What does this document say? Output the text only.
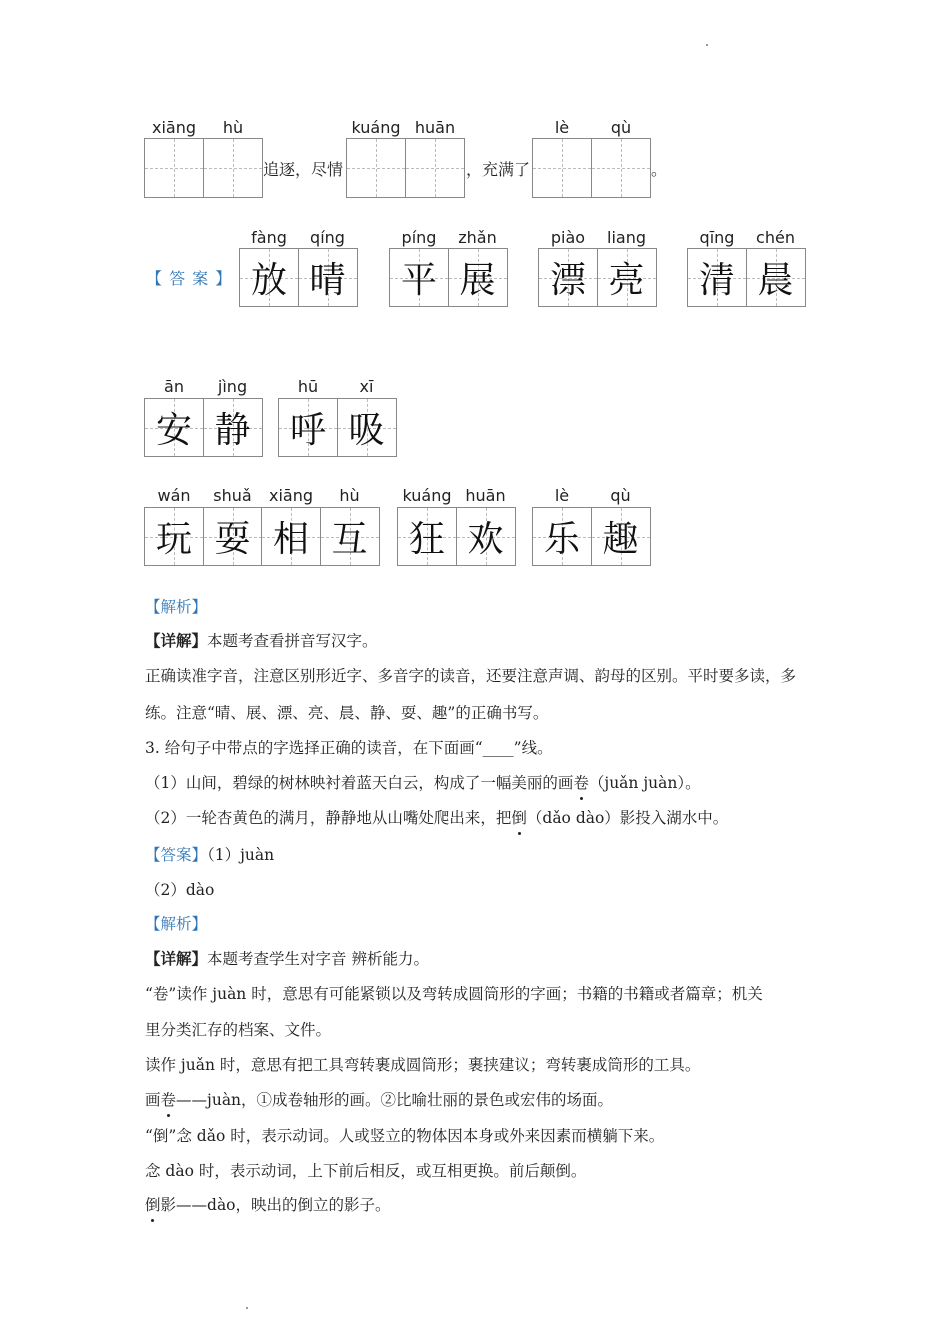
xiāng	hù
追逐，尽情
kuáng huān
，充满了
lè	qù
。
【 答 案 】
fàng	qíng
放 晴
píng	zhǎn
平 展
piào	liang
漂 亮
qīng	chén
清 晨
ān	jìng
安 静
hū	xī
呼 吸
wán	shuǎ	xiāng	hù
玩 耍 相 互
kuáng huān
狂 欢
lè	qù
乐 趣
【解析】
【详解】本题考查看拼音写汉字。
正确读准字音，注意区别形近字、多音字的读音，还要注意声调、韵母的区别。平时要多读，多
练。注意“晴、展、漂、亮、晨、静、耍、趣”的正确书写。
3. 给句子中带点的字选择正确的读音，在下面画“____”线。
（1）山间，碧绿的树林映衬着蓝天白云，构成了一幅美丽的画卷（juǎn juàn）。
（2）一轮杏黄色的满月，静静地从山嘴处爬出来，把倒（dǎo dào）影投入湖水中。
【答案】（1）juàn
（2）dào
【解析】
【详解】本题考查学生对字音 辨析能力。
“卷”读作 juàn 时，意思有可能紧锁以及弯转成圆筒形的字画；书籍的书籍或者篇章；机关
里分类汇存的档案、文件。
读作 juǎn 时，意思有把工具弯转裹成圆筒形；裹挟建议；弯转裹成筒形的工具。
画卷——juàn，①成卷轴形的画。②比喻壮丽的景色或宏伟的场面。
“倒”念 dǎo 时，表示动词。人或竖立的物体因本身或外来因素而横躺下来。
念 dào 时，表示动词，上下前后相反，或互相更换。前后颠倒。
倒影——dào，映出的倒立的影子。
